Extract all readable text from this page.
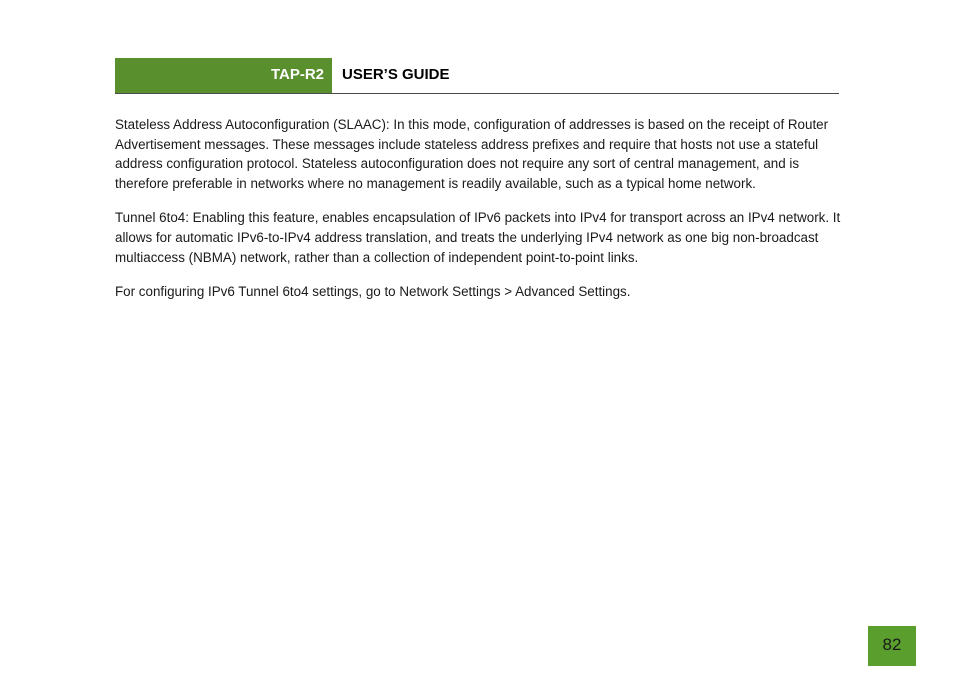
TAP-R2 USER’S GUIDE

Stateless Address Autoconfiguration (SLAAC): In this mode, configuration of addresses is based on the receipt of Router Advertisement messages. These messages include stateless address prefixes and require that hosts not use a stateful address configuration protocol. Stateless autoconfiguration does not require any sort of central management, and is therefore preferable in networks where no management is readily available, such as a typical home network.

Tunnel 6to4: Enabling this feature, enables encapsulation of IPv6 packets into IPv4 for transport across an IPv4 network. It allows for automatic IPv6-to-IPv4 address translation, and treats the underlying IPv4 network as one big non-broadcast multiaccess (NBMA) network, rather than a collection of independent point-to-point links.

For configuring IPv6 Tunnel 6to4 settings, go to Network Settings > Advanced Settings.

82
